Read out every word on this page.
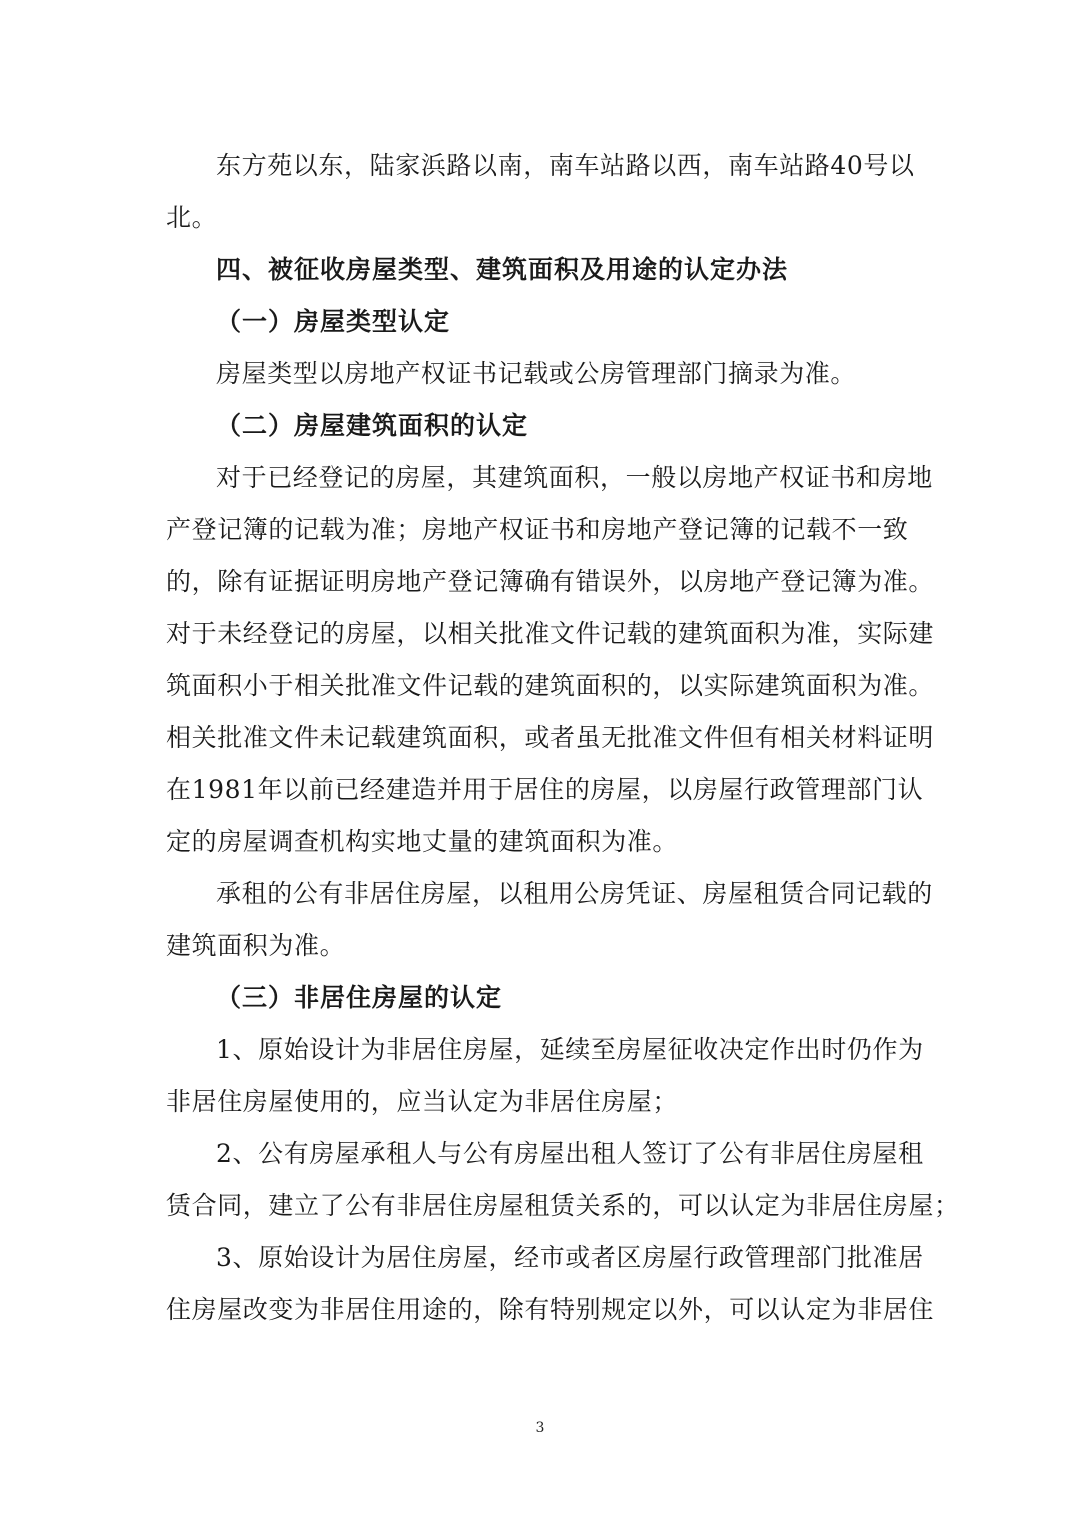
东方苑以东，陆家浜路以南，南车站路以西，南车站路40号以
北。
四、被征收房屋类型、建筑面积及用途的认定办法
（一）房屋类型认定
房屋类型以房地产权证书记载或公房管理部门摘录为准。
（二）房屋建筑面积的认定
对于已经登记的房屋，其建筑面积，一般以房地产权证书和房地
产登记簿的记载为准；房地产权证书和房地产登记簿的记载不一致
的，除有证据证明房地产登记簿确有错误外，以房地产登记簿为准。
对于未经登记的房屋，以相关批准文件记载的建筑面积为准，实际建
筑面积小于相关批准文件记载的建筑面积的，以实际建筑面积为准。
相关批准文件未记载建筑面积，或者虽无批准文件但有相关材料证明
在1981年以前已经建造并用于居住的房屋，以房屋行政管理部门认
定的房屋调查机构实地丈量的建筑面积为准。
承租的公有非居住房屋，以租用公房凭证、房屋租赁合同记载的
建筑面积为准。
（三）非居住房屋的认定
1、原始设计为非居住房屋，延续至房屋征收决定作出时仍作为
非居住房屋使用的，应当认定为非居住房屋；
2、公有房屋承租人与公有房屋出租人签订了公有非居住房屋租
赁合同，建立了公有非居住房屋租赁关系的，可以认定为非居住房屋；
3、原始设计为居住房屋，经市或者区房屋行政管理部门批准居
住房屋改变为非居住用途的，除有特别规定以外，可以认定为非居住
3
